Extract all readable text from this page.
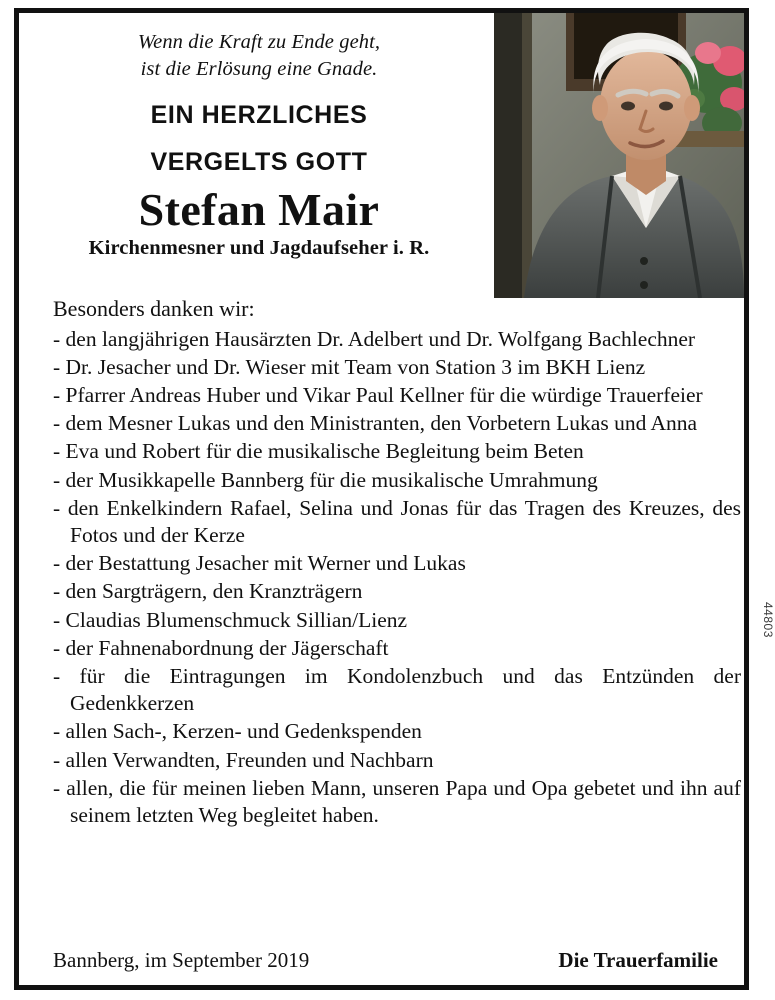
Wenn die Kraft zu Ende geht,
ist die Erlösung eine Gnade.
EIN HERZLICHES
VERGELTS GOTT
Stefan Mair
Kirchenmesner und Jagdaufseher i. R.
Besonders danken wir:
- den langjährigen Hausärzten Dr. Adelbert und Dr. Wolfgang Bachlechner
- Dr. Jesacher und Dr. Wieser mit Team von Station 3 im BKH Lienz
- Pfarrer Andreas Huber und Vikar Paul Kellner für die würdige Trauerfeier
- dem Mesner Lukas und den Ministranten, den Vorbetern Lukas und Anna
- Eva und Robert für die musikalische Begleitung beim Beten
- der Musikkapelle Bannberg für die musikalische Umrahmung
- den Enkelkindern Rafael, Selina und Jonas für das Tragen des Kreuzes, des Fotos und der Kerze
- der Bestattung Jesacher mit Werner und Lukas
- den Sargträgern, den Kranzträgern
- Claudias Blumenschmuck Sillian/Lienz
- der Fahnenabordnung der Jägerschaft
- für die Eintragungen im Kondolenzbuch und das Entzünden der Gedenkkerzen
- allen Sach-, Kerzen- und Gedenkspenden
- allen Verwandten, Freunden und Nachbarn
- allen, die für meinen lieben Mann, unseren Papa und Opa gebetet und ihn auf seinem letzten Weg begleitet haben.
Bannberg, im September 2019	Die Trauerfamilie
44803
